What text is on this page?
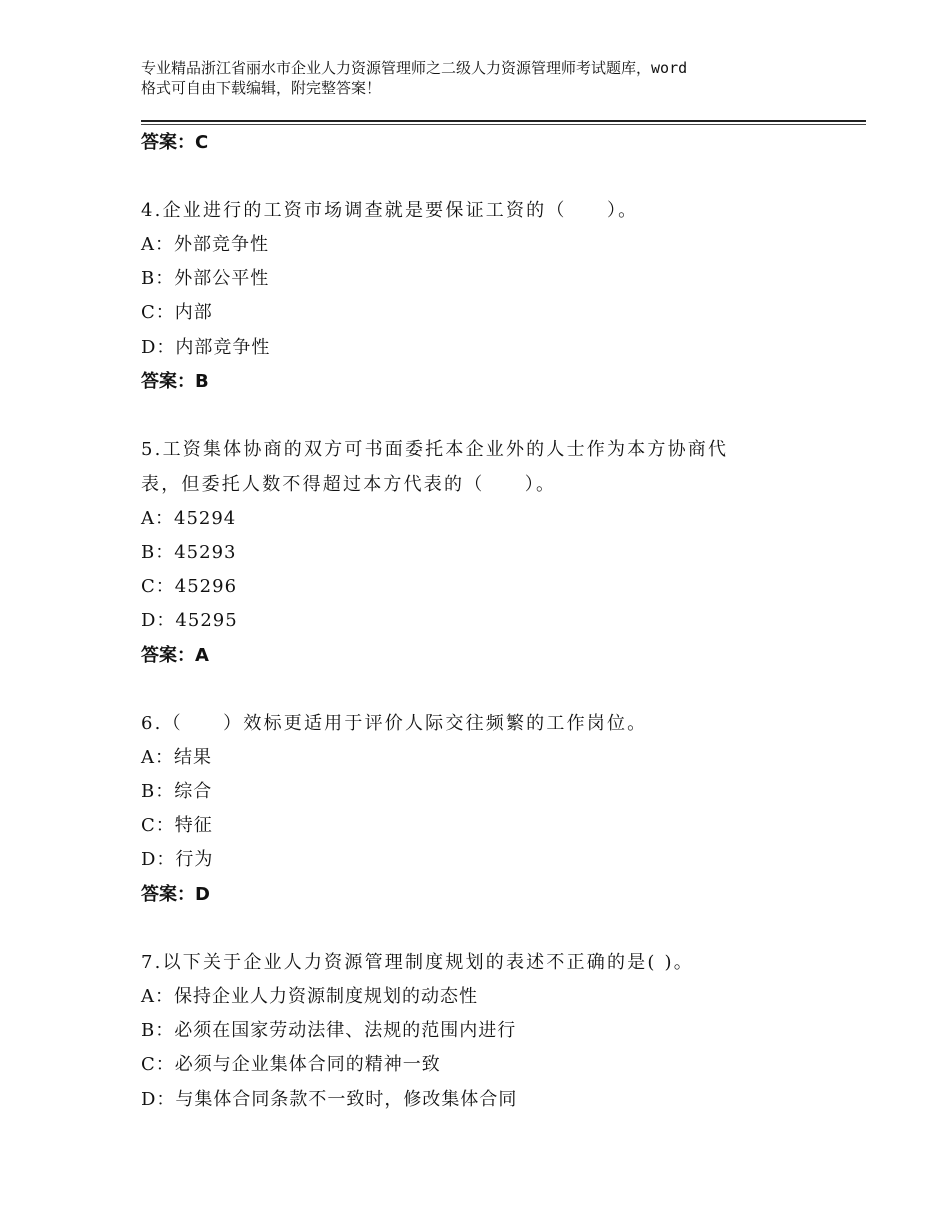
专业精品浙江省丽水市企业人力资源管理师之二级人力资源管理师考试题库，word
格式可自由下载编辑，附完整答案！
答案：C
4.企业进行的工资市场调查就是要保证工资的（　　）。
A：外部竞争性
B：外部公平性
C：内部
D：内部竞争性
答案：B
5.工资集体协商的双方可书面委托本企业外的人士作为本方协商代
表，但委托人数不得超过本方代表的（　　）。
A：45294
B：45293
C：45296
D：45295
答案：A
6.（　　）效标更适用于评价人际交往频繁的工作岗位。
A：结果
B：综合
C：特征
D：行为
答案：D
7.以下关于企业人力资源管理制度规划的表述不正确的是( )。
A：保持企业人力资源制度规划的动态性
B：必须在国家劳动法律、法规的范围内进行
C：必须与企业集体合同的精神一致
D：与集体合同条款不一致时，修改集体合同
